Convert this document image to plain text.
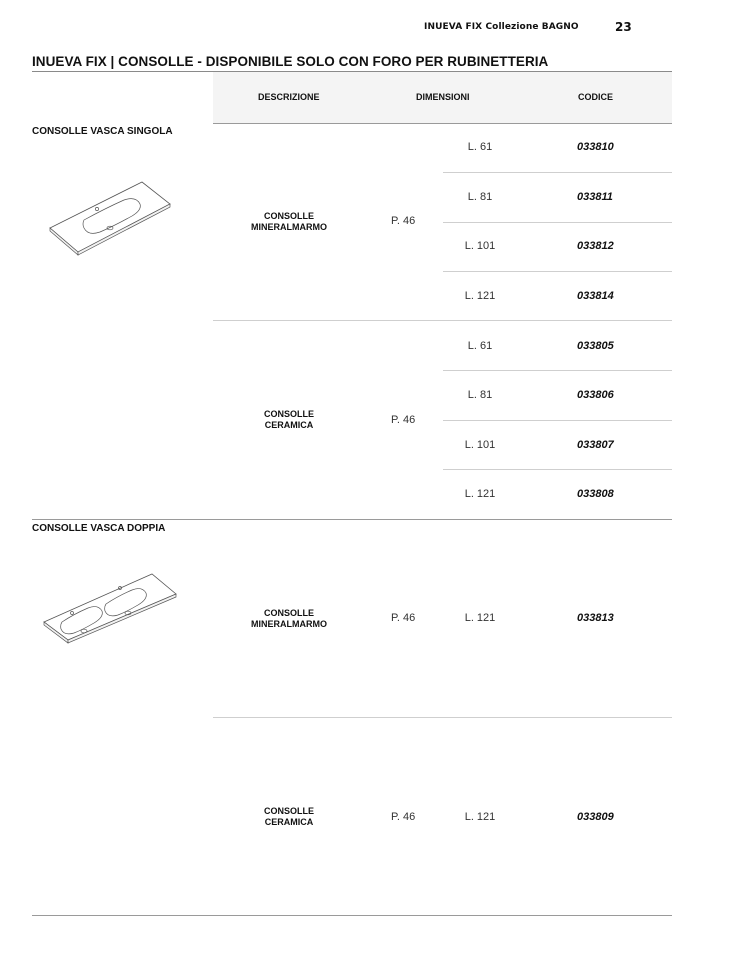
INUEVA FIX Collezione BAGNO	23
INUEVA FIX | CONSOLLE - DISPONIBILE SOLO CON FORO PER RUBINETTERIA
DESCRIZIONE	DIMENSIONI	CODICE
CONSOLLE VASCA SINGOLA
CONSOLLE
MINERALMARMO	P. 46
L. 61	033810
L. 81	033811
L. 101	033812
L. 121	033814
CONSOLLE
CERAMICA	P. 46
L. 61	033805
L. 81	033806
L. 101	033807
L. 121	033808
CONSOLLE VASCA DOPPIA
CONSOLLE
MINERALMARMO	P. 46	L. 121	033813
CONSOLLE
CERAMICA	P. 46	L. 121	033809
